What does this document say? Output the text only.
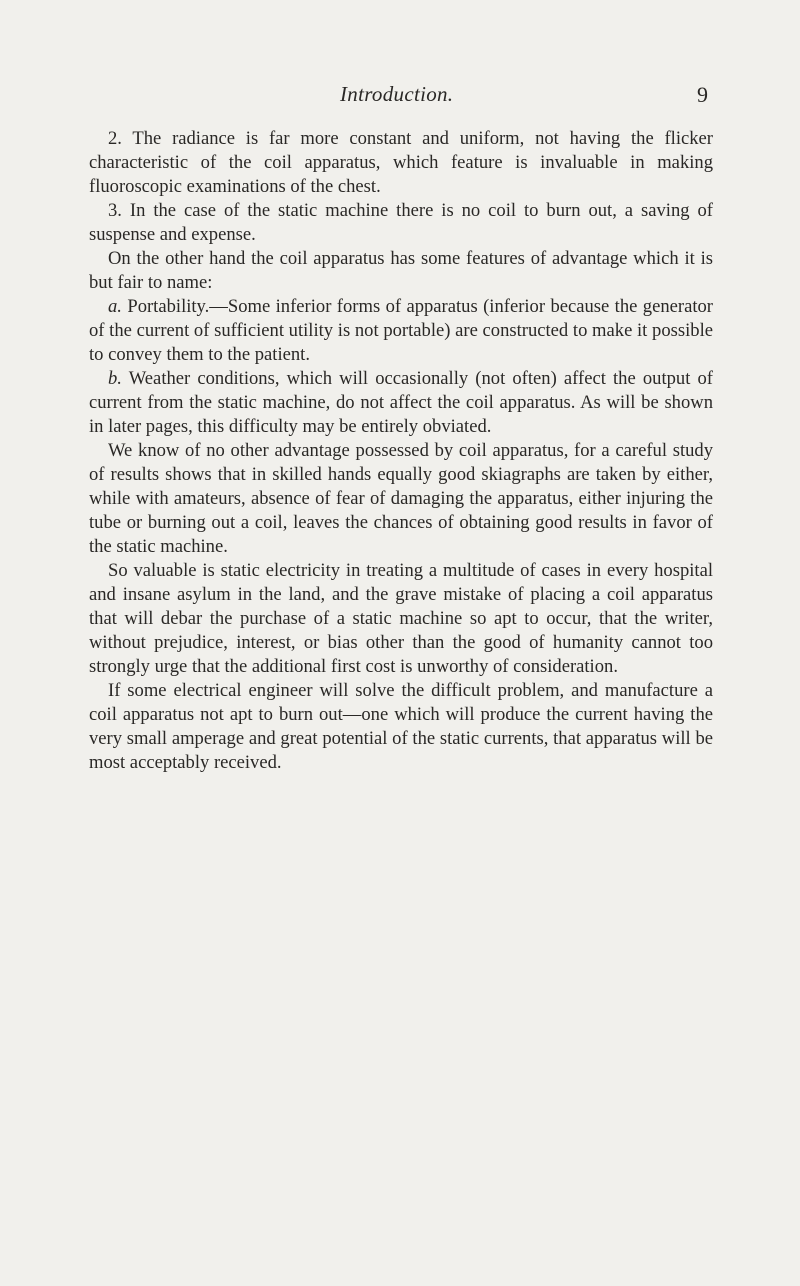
Introduction.	9

2. The radiance is far more constant and uniform, not having the flicker characteristic of the coil apparatus, which feature is invaluable in making fluoroscopic examinations of the chest.

3. In the case of the static machine there is no coil to burn out, a saving of suspense and expense.

On the other hand the coil apparatus has some features of advantage which it is but fair to name:

a. Portability.—Some inferior forms of apparatus (inferior because the generator of the current of sufficient utility is not portable) are constructed to make it possible to convey them to the patient.

b. Weather conditions, which will occasionally (not often) affect the output of current from the static machine, do not affect the coil apparatus. As will be shown in later pages, this difficulty may be entirely obviated.

We know of no other advantage possessed by coil apparatus, for a careful study of results shows that in skilled hands equally good skiagraphs are taken by either, while with amateurs, absence of fear of damaging the apparatus, either injuring the tube or burning out a coil, leaves the chances of obtaining good results in favor of the static machine.

So valuable is static electricity in treating a multitude of cases in every hospital and insane asylum in the land, and the grave mistake of placing a coil apparatus that will debar the purchase of a static machine so apt to occur, that the writer, without prejudice, interest, or bias other than the good of humanity cannot too strongly urge that the additional first cost is unworthy of consideration.

If some electrical engineer will solve the difficult problem, and manufacture a coil apparatus not apt to burn out—one which will produce the current having the very small amperage and great potential of the static currents, that apparatus will be most acceptably received.
